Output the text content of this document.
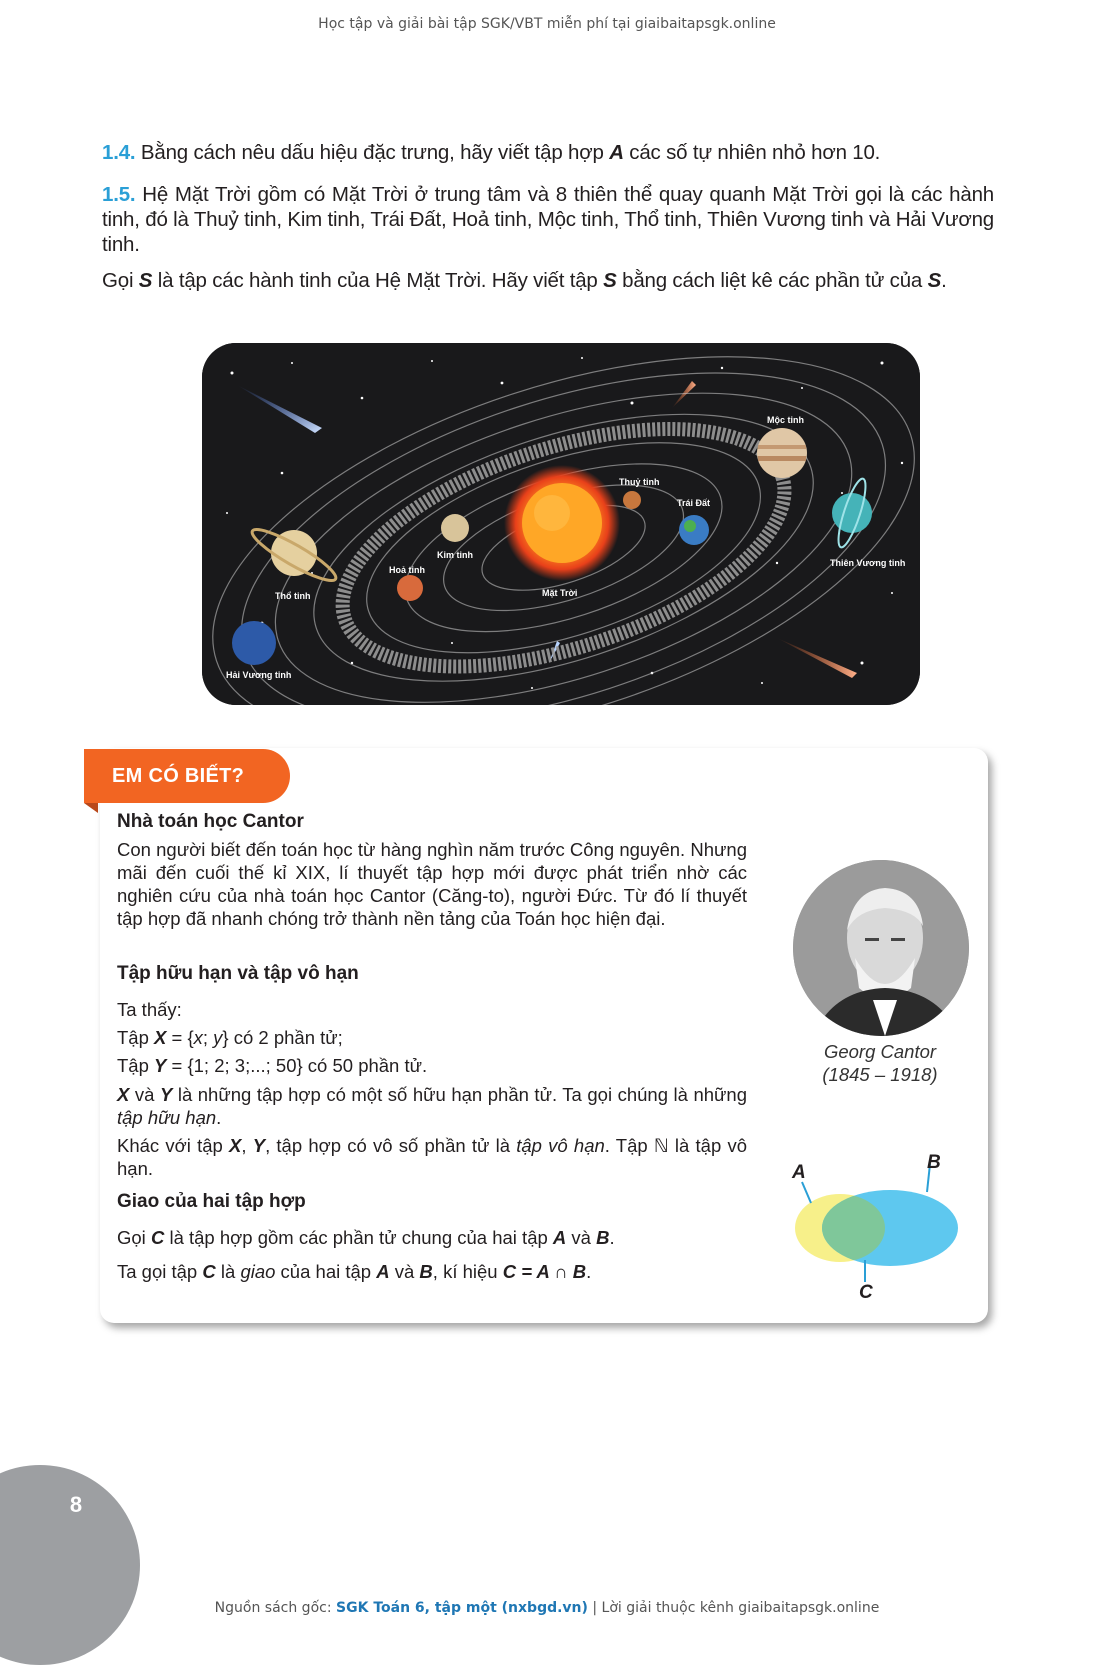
Học tập và giải bài tập SGK/VBT miễn phí tại giaibaitapsgk.online
1.4. Bằng cách nêu dấu hiệu đặc trưng, hãy viết tập hợp A các số tự nhiên nhỏ hơn 10.
1.5. Hệ Mặt Trời gồm có Mặt Trời ở trung tâm và 8 thiên thể quay quanh Mặt Trời gọi là các hành tinh, đó là Thuỷ tinh, Kim tinh, Trái Đất, Hoả tinh, Mộc tinh, Thổ tinh, Thiên Vương tinh và Hải Vương tinh.
Gọi S là tập các hành tinh của Hệ Mặt Trời. Hãy viết tập S bằng cách liệt kê các phần tử của S.
Mặt Trời
Thuỷ tinh
Kim tinh
Trái Đất
Hoả tinh
Mộc tinh
Thổ tinh
Thiên Vương tinh
Hải Vương tinh
EM CÓ BIẾT?
Nhà toán học Cantor
Con người biết đến toán học từ hàng nghìn năm trước Công nguyên. Nhưng mãi đến cuối thế kỉ XIX, lí thuyết tập hợp mới được phát triển nhờ các nghiên cứu của nhà toán học Cantor (Căng-to), người Đức. Từ đó lí thuyết tập hợp đã nhanh chóng trở thành nền tảng của Toán học hiện đại.
Tập hữu hạn và tập vô hạn
Ta thấy:
Tập X = {x; y} có 2 phần tử;
Tập Y = {1; 2; 3;...; 50} có 50 phần tử.
X và Y là những tập hợp có một số hữu hạn phần tử. Ta gọi chúng là những tập hữu hạn.
Khác với tập X, Y, tập hợp có vô số phần tử là tập vô hạn. Tập ℕ là tập vô hạn.
Giao của hai tập hợp
Gọi C là tập hợp gồm các phần tử chung của hai tập A và B.
Ta gọi tập C là giao của hai tập A và B, kí hiệu C = A ∩ B.
Georg Cantor
(1845 – 1918)
A	B
C
8
Nguồn sách gốc: SGK Toán 6, tập một (nxbgd.vn) | Lời giải thuộc kênh giaibaitapsgk.online
